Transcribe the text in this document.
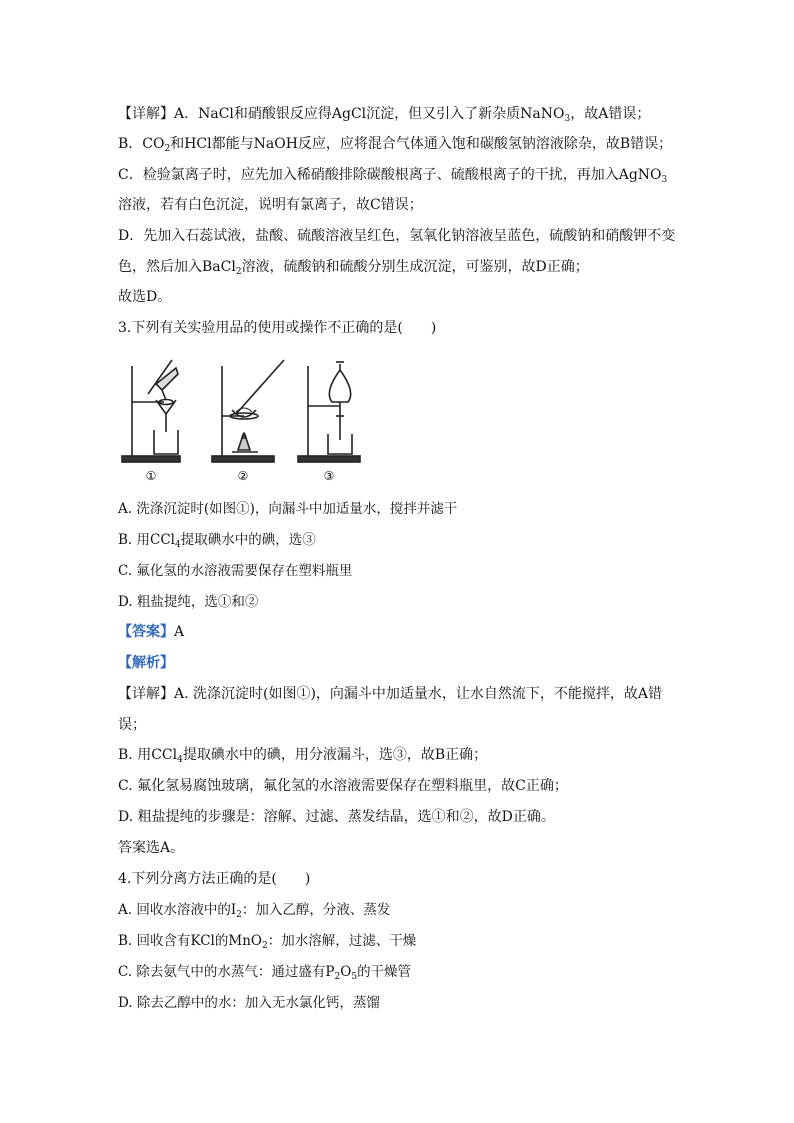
【详解】A．NaCl和硝酸银反应得AgCl沉淀，但又引入了新杂质NaNO$_3$，故A错误；
B．$CO_2$和HCl都能与NaOH反应，应将混合气体通入饱和碳酸氢钠溶液除杂，故B错误；
C．检验氯离子时，应先加入稀硝酸排除碳酸根离子、硫酸根离子的干扰，再加入AgNO$_3$
溶液，若有白色沉淀，说明有氯离子，故C错误；
D．先加入石蕊试液，盐酸、硫酸溶液呈红色，氢氧化钠溶液呈蓝色，硫酸钠和硝酸钾不变
色，然后加入BaCl$_2$溶液，硫酸钠和硫酸分别生成沉淀，可鉴别，故D正确；
故选D。
3.下列有关实验用品的使用或操作不正确的是(　　)
①	②	③
A. 洗涤沉淀时(如图①)，向漏斗中加适量水，搅拌并滤干
B. 用CCl$_4$提取碘水中的碘，选③
C. 氟化氢的水溶液需要保存在塑料瓶里
D. 粗盐提纯，选①和②
【答案】A
【解析】
【详解】A. 洗涤沉淀时(如图①)，向漏斗中加适量水，让水自然流下，不能搅拌，故A错
误；
B. 用CCl$_4$提取碘水中的碘，用分液漏斗，选③，故B正确；
C. 氟化氢易腐蚀玻璃，氟化氢的水溶液需要保存在塑料瓶里，故C正确；
D. 粗盐提纯的步骤是：溶解、过滤、蒸发结晶，选①和②，故D正确。
答案选A。
4.下列分离方法正确的是(　　)
A. 回收水溶液中的$I_2$：加入乙醇，分液、蒸发
B. 回收含有KCl的MnO$_2$：加水溶解，过滤、干燥
C. 除去氨气中的水蒸气：通过盛有$P_2O_5$的干燥管
D. 除去乙醇中的水：加入无水氯化钙，蒸馏
